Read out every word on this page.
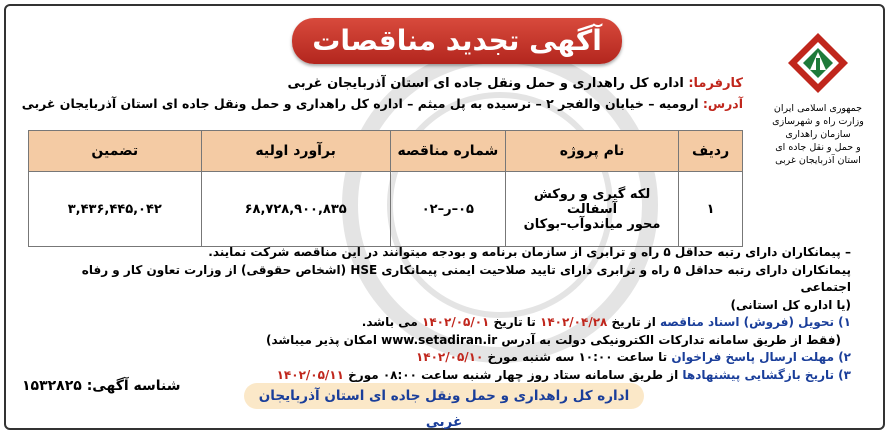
آگهی تجدید مناقصات
جمهوری اسلامی ایران
وزارت راه و شهرسازی
سازمان راهداری
و حمل و نقل جاده ای
استان آذربایجان غربی
کارفرما: اداره کل راهداری و حمل ونقل جاده ای استان آذربایجان غربی
آدرس: ارومیه – خیابان والفجر ۲ – نرسیده به پل میثم – اداره کل راهداری و حمل ونقل جاده ای استان آذربایجان غربی
ردیف	نام پروژه	شماره مناقصه	برآورد اولیه	تضمین
۱	لکه گیری و روکش آسفالت
محور میاندوآب–بوکان	۰۵–ر–۰۲	۶۸,۷۲۸,۹۰۰,۸۳۵	۳,۴۳۶,۴۴۵,۰۴۲

– پیمانکاران دارای رتبه حداقل ۵ راه و ترابری از سازمان برنامه و بودجه میتوانند در این مناقصه شرکت نمایند.

پیمانکاران دارای رتبه حداقل ۵ راه و ترابری دارای تایید صلاحیت ایمنی پیمانکاری HSE (اشخاص حقوقی) از وزارت تعاون کار و رفاه اجتماعی

(یا اداره کل استانی)

۱) تحویل (فروش) اسناد مناقصه از تاریخ ۱۴۰۲/۰۴/۲۸ تا تاریخ ۱۴۰۲/۰۵/۰۱ می باشد.

(فقط از طریق سامانه تدارکات الکترونیکی دولت به آدرس www.setadiran.ir امکان پذیر میباشد)

۲) مهلت ارسال پاسخ فراخوان تا ساعت ۱۰:۰۰ سه شنبه مورخ ۱۴۰۲/۰۵/۱۰

۳) تاریخ بازگشایی پیشنهادها از طریق سامانه ستاد روز چهار شنبه ساعت ۰۸:۰۰ مورخ ۱۴۰۲/۰۵/۱۱

شناسه آگهی: ۱۵۳۲۸۲۵
اداره کل راهداری و حمل ونقل جاده ای استان آذربایجان غربی
